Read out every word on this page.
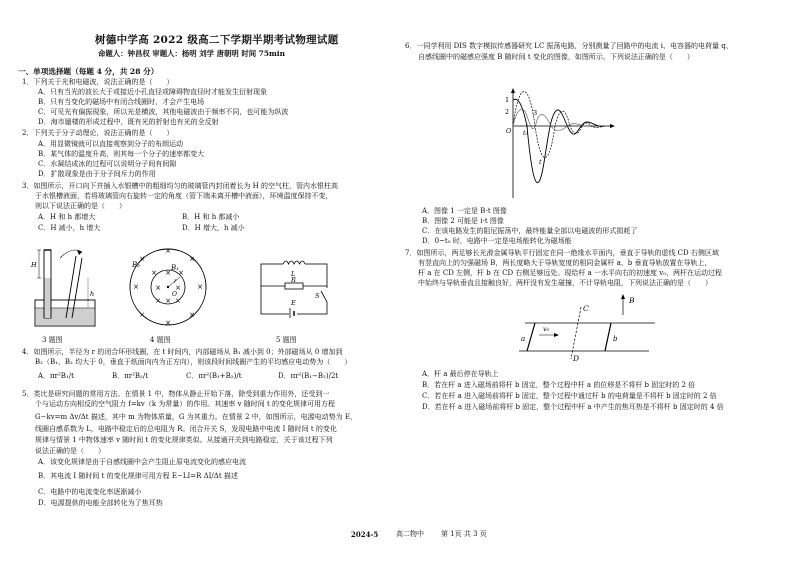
树德中学高 2022 级高二下学期半期考试物理试题
命题人：钟昌权 审题人：杨明 刘学 唐朝明 时间 75min
一、单项选择题（每题 4 分，共 28 分）
1．下列关于光和电磁波，说法正确的是（　　）
A．只有当光的波长大于或接近小孔直径或障碍物直径时才能发生衍射现象
B．只有当变化的磁场中有闭合线圈时，才会产生电场
C．可见光有偏振现象，所以光是横波，其他电磁波由于频率不同，也可能为纵波
D．海市蜃楼的形成过程中，既有光的折射也有光的全反射
2．下列关于分子动理论，说法正确的是（　　）
A．用显微镜就可以直接观察到分子的布朗运动
B．某气体的温度升高，则其每一个分子的速率都变大
C．水凝结成冰的过程可以说明分子间有间隙
D．扩散现象是由于分子间斥力的作用
3．如图所示，开口向下并插入水银槽中的粗细均匀的玻璃管内封闭着长为 H 的空气柱，管内水银柱高
于水银槽液面，若将玻璃管向右旋转一定的角度（管下端未离开槽中液面），环境温度保持不变，
则以下说法正确的是（　　）
A．H 和 h 都增大	B．H 和 h 都减小
C．H 减小，h 增大	D．H 增大，h 减小
H
h
3 题图
×
×
×
×	×
×
×
×
× × ×
× ×
× × ×
O
r
B₁
B₂
4 题图
L
E
R
S
5 题图
4．如图所示，半径为 r 的闭合环形线圈，在 t 时间内，内部磁场从 B₁ 减小到 0；外部磁场从 0 增加到
B₂（B₁、B₂ 均大于 0，垂直于纸面向内为正方向），则该段时间线圈产生的平均感应电动势为（　　）
A．πr²B₁/t	B．πr²B₂/t	C．πr²(B₁+B₂)/t	D．πr²(B₁−B₂)/2t
5．类比是研究问题的常用方法。在情景 1 中，物体从静止开始下落，除受到重力作用外，还受到一
个与运动方向相反的空气阻力 f=kv（k 为常量）的作用。其速率 v 随时间 t 的变化规律可用方程
G−kv=m Δv/Δt 描述，其中 m 为物体质量，G 为其重力。在情景 2 中，如图所示，电源电动势为 E，
线圈自感系数为 L，电路中稳定后的总电阻为 R。闭合开关 S，发现电路中电流 I 随时间 t 的变化
规律与情景 1 中物体速率 v 随时间 t 的变化规律类似。从接通开关到电路稳定，关于该过程下列
说法正确的是（　　）
A．该变化规律是由于自感线圈中会产生阻止原电流变化的感应电流
B．其电流 I 随时间 t 的变化规律可用方程 E−LI=R ΔI/Δt 描述
C．电路中的电流变化率逐渐减小
D．电源提供的电能全部转化为了焦耳热
6．一同学利用 DIS 数字模拟传感器研究 LC 振荡电路，分别测量了回路中的电流 i、电容器的电荷量 q、
自感线圈中的磁感应强度 B 随时间 t 变化的图像，如图所示，下列说法正确的是（　　）
1
2	3
O t₀
t
A．图像 1 一定是 B-t 图像
B．图像 2 可能是 i-t 图像
C．在该电路发生的阻尼振荡中，最终能量全部以电磁波的形式损耗了
D．0~t₀ 时，电路中一定是电场能转化为磁场能
7．如图所示，两足够长光滑金属导轨平行固定在同一绝缘水平面内，垂直于导轨的虚线 CD 右侧区域
有竖直向上的匀强磁场 B，两长度略大于导轨宽度的相同金属杆 a、b 垂直导轨放置在导轨上，
杆 a 在 CD 左侧，杆 b 在 CD 右侧足够远处。现给杆 a 一水平向右的初速度 v₀，两杆在运动过程
中始终与导轨垂直且接触良好，两杆没有发生碰撞，不计导轨电阻，下列说法正确的是（　　）
B
C
D
a	b
v₀
A．杆 a 最后停在导轨上
B．若在杆 a 进入磁场前将杆 b 固定，整个过程中杆 a 的位移是不将杆 b 固定时的 2 倍
C．若在杆 a 进入磁场前将杆 b 固定，整个过程中通过杆 b 的电荷量是不将杆 b 固定时的 2 倍
D．若在杆 a 进入磁场前将杆 b 固定，整个过程中杆 a 中产生的焦耳热是不将杆 b 固定时的 4 倍
2024-5	高二物中 第 1页 共 3 页
